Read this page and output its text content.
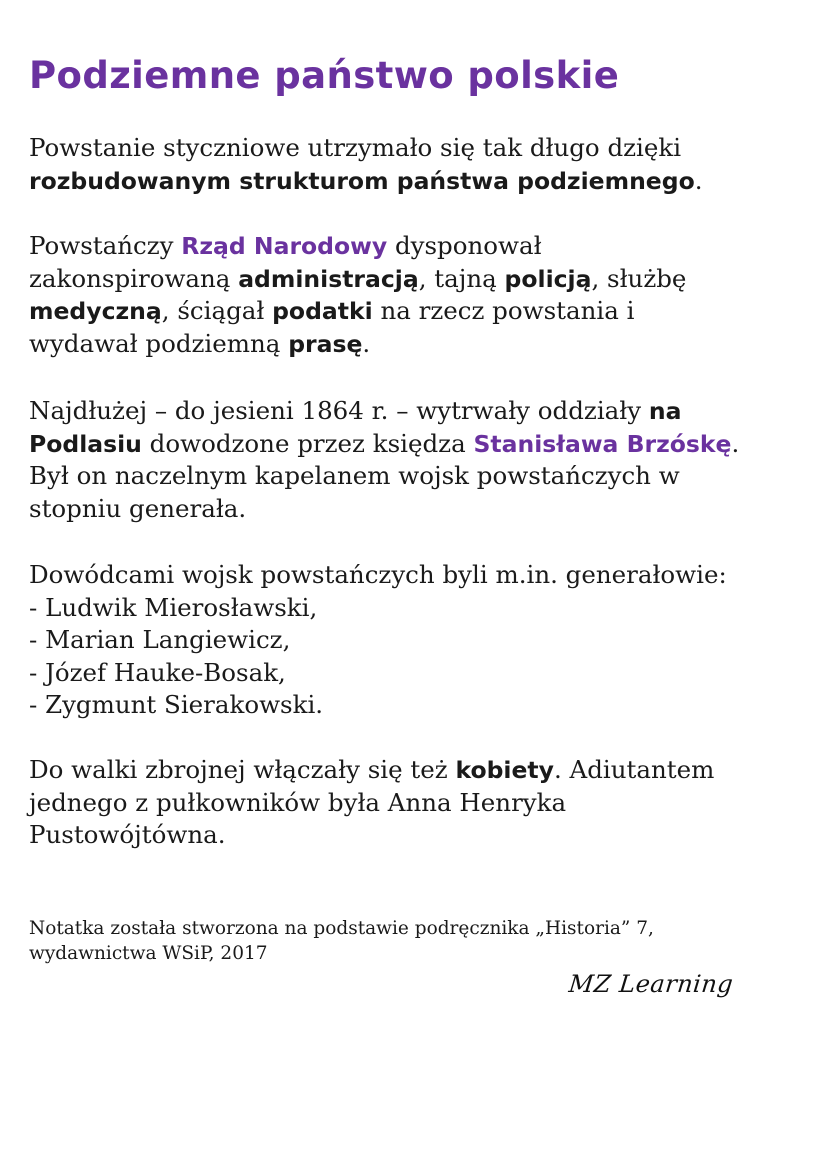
Podziemne państwo polskie

Powstanie styczniowe utrzymało się tak długo dzięki
rozbudowanym strukturom państwa podziemnego.

Powstańczy Rząd Narodowy dysponował
zakonspirowaną administracją, tajną policją, służbę
medyczną, ściągał podatki na rzecz powstania i
wydawał podziemną prasę.

Najdłużej – do jesieni 1864 r. – wytrwały oddziały na
Podlasiu dowodzone przez księdza Stanisława Brzóskę.
Był on naczelnym kapelanem wojsk powstańczych w
stopniu generała.

Dowódcami wojsk powstańczych byli m.in. generałowie:
- Ludwik Mierosławski,
- Marian Langiewicz,
- Józef Hauke-Bosak,
- Zygmunt Sierakowski.

Do walki zbrojnej włączały się też kobiety. Adiutantem
jednego z pułkowników była Anna Henryka
Pustowójtówna.

Notatka została stworzona na podstawie podręcznika „Historia” 7,
wydawnictwa WSiP, 2017

MZ Learning
